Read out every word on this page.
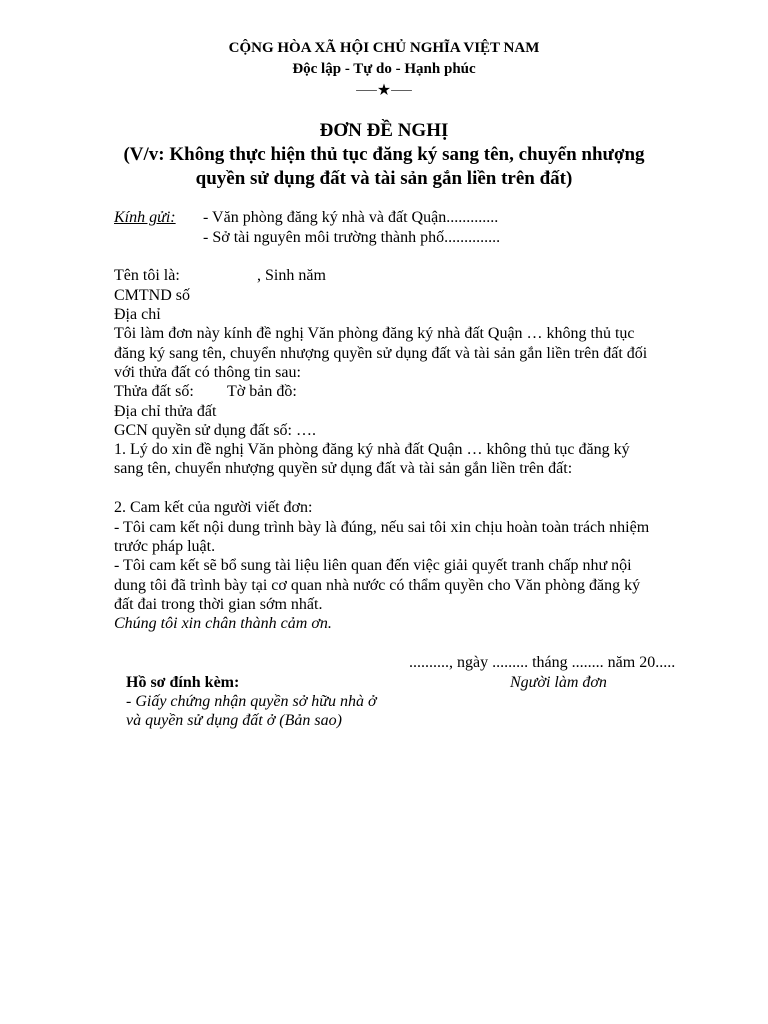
CỘNG HÒA XÃ HỘI CHỦ NGHĨA VIỆT NAM
Độc lập - Tự do - Hạnh phúc
⸺★⸺
ĐƠN ĐỀ NGHỊ
(V/v: Không thực hiện thủ tục đăng ký sang tên, chuyển nhượng
quyền sử dụng đất và tài sản gắn liền trên đất)
Kính gửi: - Văn phòng đăng ký nhà và đất Quận.............
- Sở tài nguyên môi trường thành phố..............
Tên tôi là:	, Sinh năm
CMTND số
Địa chỉ
Tôi làm đơn này kính đề nghị Văn phòng đăng ký nhà đất Quận … không thủ tục
đăng ký sang tên, chuyển nhượng quyền sử dụng đất và tài sản gắn liền trên đất đối
với thửa đất có thông tin sau:
Thửa đất số: Tờ bản đồ:
Địa chỉ thửa đất
GCN quyền sử dụng đất số: ….
1. Lý do xin đề nghị Văn phòng đăng ký nhà đất Quận … không thủ tục đăng ký
sang tên, chuyển nhượng quyền sử dụng đất và tài sản gắn liền trên đất:
2. Cam kết của người viết đơn:
- Tôi cam kết nội dung trình bày là đúng, nếu sai tôi xin chịu hoàn toàn trách nhiệm
trước pháp luật.
- Tôi cam kết sẽ bổ sung tài liệu liên quan đến việc giải quyết tranh chấp như nội
dung tôi đã trình bày tại cơ quan nhà nước có thẩm quyền cho Văn phòng đăng ký
đất đai trong thời gian sớm nhất.
Chúng tôi xin chân thành cảm ơn.
.........., ngày ......... tháng ........ năm 20.....
Người làm đơn
Hồ sơ đính kèm:
- Giấy chứng nhận quyền sở hữu nhà ở
và quyền sử dụng đất ở (Bản sao)
